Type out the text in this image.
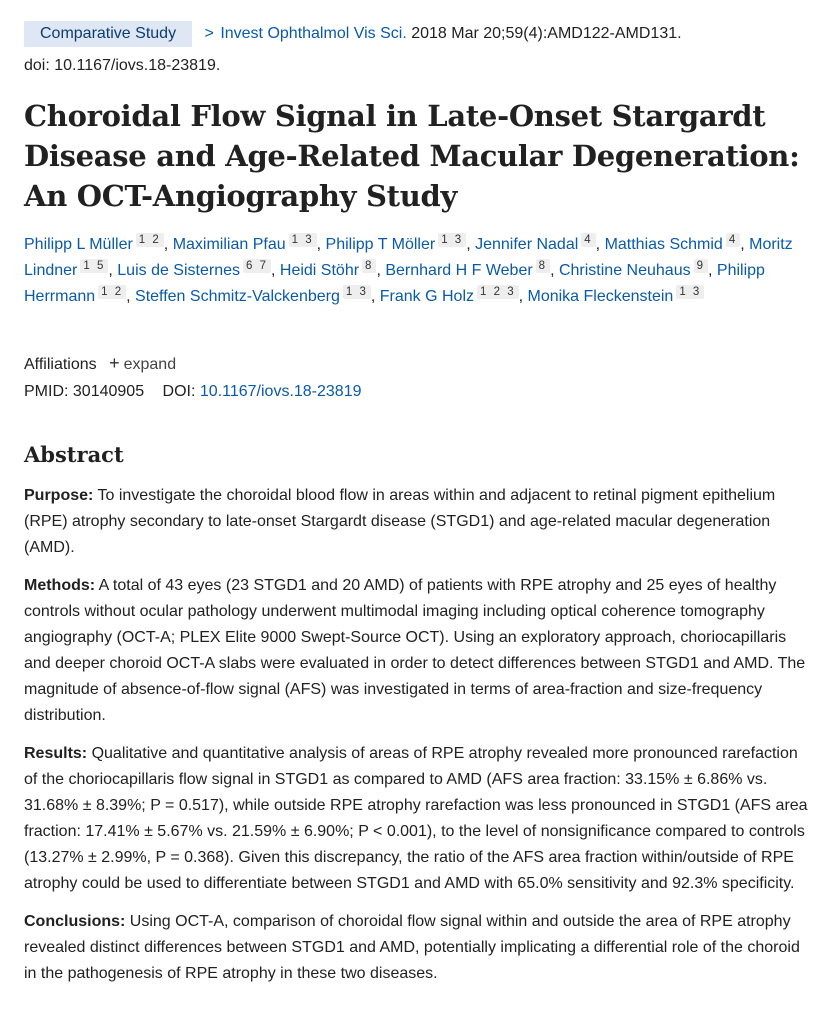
Comparative Study > Invest Ophthalmol Vis Sci. 2018 Mar 20;59(4):AMD122-AMD131.
doi: 10.1167/iovs.18-23819.
Choroidal Flow Signal in Late-Onset Stargardt Disease and Age-Related Macular Degeneration: An OCT-Angiography Study
Philipp L Müller 1 2 , Maximilian Pfau 1 3 , Philipp T Möller 1 3 , Jennifer Nadal 4 , Matthias Schmid 4 , Moritz Lindner 1 5 , Luis de Sisternes 6 7 , Heidi Stöhr 8 , Bernhard H F Weber 8 , Christine Neuhaus 9 , Philipp Herrmann 1 2 , Steffen Schmitz-Valckenberg 1 3 , Frank G Holz 1 2 3 , Monika Fleckenstein 1 3
Affiliations + expand
PMID: 30140905 DOI: 10.1167/iovs.18-23819
Abstract

Purpose: To investigate the choroidal blood flow in areas within and adjacent to retinal pigment epithelium (RPE) atrophy secondary to late-onset Stargardt disease (STGD1) and age-related macular degeneration (AMD).

Methods: A total of 43 eyes (23 STGD1 and 20 AMD) of patients with RPE atrophy and 25 eyes of healthy controls without ocular pathology underwent multimodal imaging including optical coherence tomography angiography (OCT-A; PLEX Elite 9000 Swept-Source OCT). Using an exploratory approach, choriocapillaris and deeper choroid OCT-A slabs were evaluated in order to detect differences between STGD1 and AMD. The magnitude of absence-of-flow signal (AFS) was investigated in terms of area-fraction and size-frequency distribution.

Results: Qualitative and quantitative analysis of areas of RPE atrophy revealed more pronounced rarefaction of the choriocapillaris flow signal in STGD1 as compared to AMD (AFS area fraction: 33.15% ± 6.86% vs. 31.68% ± 8.39%; P = 0.517), while outside RPE atrophy rarefaction was less pronounced in STGD1 (AFS area fraction: 17.41% ± 5.67% vs. 21.59% ± 6.90%; P < 0.001), to the level of nonsignificance compared to controls (13.27% ± 2.99%, P = 0.368). Given this discrepancy, the ratio of the AFS area fraction within/outside of RPE atrophy could be used to differentiate between STGD1 and AMD with 65.0% sensitivity and 92.3% specificity.

Conclusions: Using OCT-A, comparison of choroidal flow signal within and outside the area of RPE atrophy revealed distinct differences between STGD1 and AMD, potentially implicating a differential role of the choroid in the pathogenesis of RPE atrophy in these two diseases.
